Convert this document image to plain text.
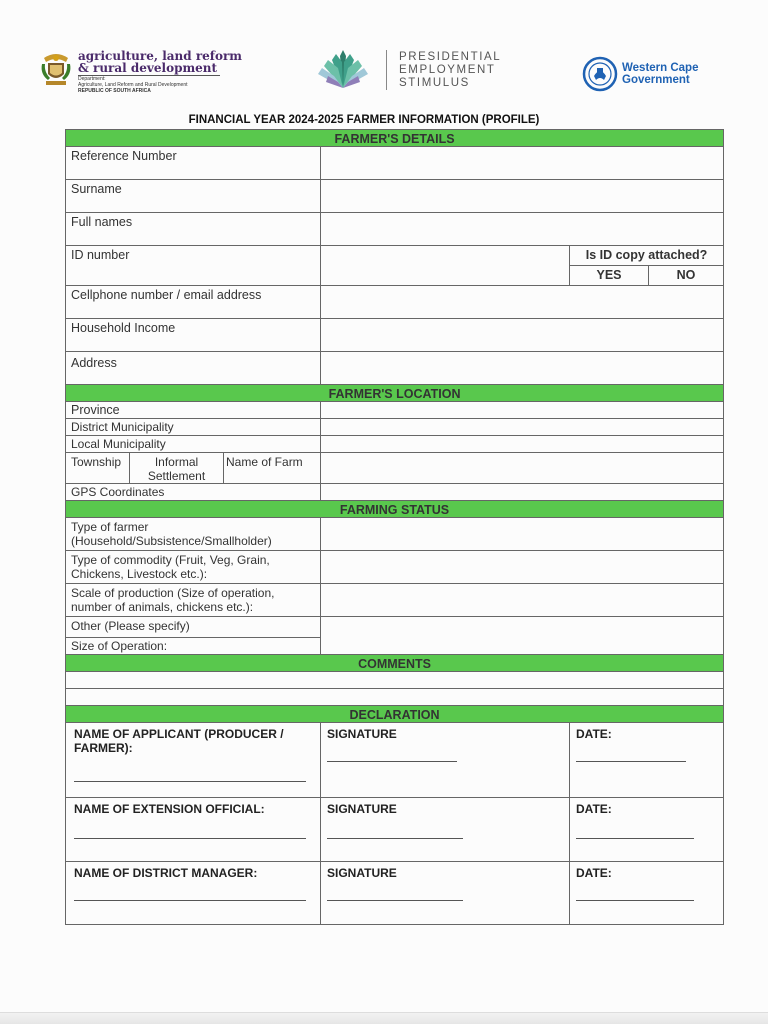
agriculture, land reform
& rural development
Department:
Agriculture, Land Reform and Rural Development
REPUBLIC OF SOUTH AFRICA
PRESIDENTIAL
EMPLOYMENT
STIMULUS
Western Cape
Government
FINANCIAL YEAR 2024-2025 FARMER INFORMATION (PROFILE)
FARMER'S DETAILS					
Reference Number					
Surname					
Full names					
ID number				Is ID copy attached?	
				YES	NO
Cellphone number / email address					
Household Income					
Address					
FARMER'S LOCATION					
Province					
District Municipality					
Local Municipality					
Township	Informal Settlement	Name of Farm			
GPS Coordinates					
FARMING STATUS					
Type of farmer (Household/Subsistence/Smallholder)					
Type of commodity (Fruit, Veg, Grain, Chickens, Livestock etc.):					
Scale of production (Size of operation, number of animals, chickens etc.):					
Other (Please specify)					
Size of Operation:					
COMMENTS					

DECLARATION					

NAME OF APPLICANT (PRODUCER / FARMER):			SIGNATURE	DATE:	

NAME OF EXTENSION OFFICIAL:			SIGNATURE	DATE:	

NAME OF DISTRICT MANAGER:			SIGNATURE	DATE:	
